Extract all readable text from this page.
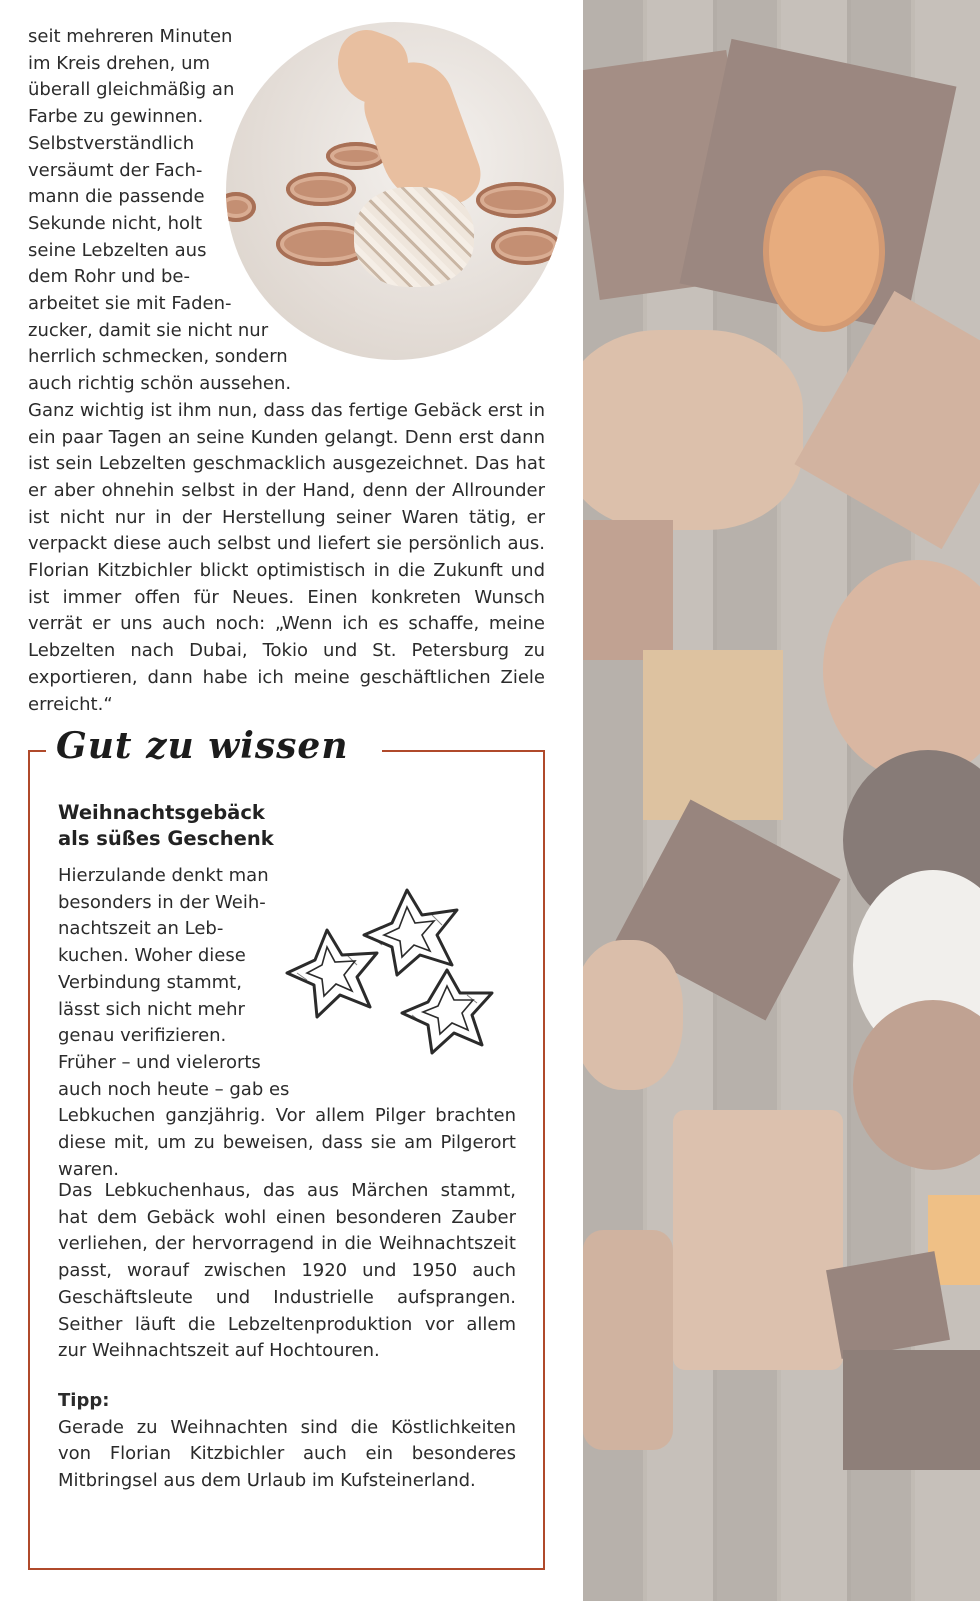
seit mehreren Minuten
im Kreis drehen, um
überall gleichmäßig an
Farbe zu gewinnen.
Selbstverständlich
versäumt der Fach-
mann die passende
Sekunde nicht, holt
seine Lebzelten aus
dem Rohr und be-
arbeitet sie mit Faden-
zucker, damit sie nicht nur
herrlich schmecken, sondern
auch richtig schön aussehen.
Ganz wichtig ist ihm nun, dass das fertige Gebäck erst in ein paar Tagen an seine Kunden gelangt. Denn erst dann ist sein Lebzelten geschmacklich ausgezeichnet. Das hat er aber ohnehin selbst in der Hand, denn der Allrounder ist nicht nur in der Herstellung seiner Waren tätig, er verpackt diese auch selbst und liefert sie persönlich aus. Florian Kitzbichler blickt optimistisch in die Zukunft und ist immer offen für Neues. Einen konkreten Wunsch verrät er uns auch noch: „Wenn ich es schaffe, meine Lebzelten nach Dubai, Tokio und St. Petersburg zu exportieren, dann habe ich meine geschäftlichen Ziele erreicht.“
Gut zu wissen
Weihnachtsgebäck
als süßes Geschenk
Hierzulande denkt man
besonders in der Weih-
nachtszeit an Leb-
kuchen. Woher diese
Verbindung stammt,
lässt sich nicht mehr
genau verifizieren.
Früher – und vielerorts
auch noch heute – gab es
Lebkuchen ganzjährig. Vor allem Pilger brachten diese mit, um zu beweisen, dass sie am Pilgerort waren.
Das Lebkuchenhaus, das aus Märchen stammt, hat dem Gebäck wohl einen besonderen Zauber verliehen, der hervorragend in die Weihnachtszeit passt, worauf zwischen 1920 und 1950 auch Geschäftsleute und Industrielle aufsprangen. Seither läuft die Lebzeltenproduktion vor allem zur Weihnachtszeit auf Hochtouren.
Tipp:
Gerade zu Weihnachten sind die Köstlichkeiten von Florian Kitzbichler auch ein besonderes Mitbringsel aus dem Urlaub im Kufsteinerland.
